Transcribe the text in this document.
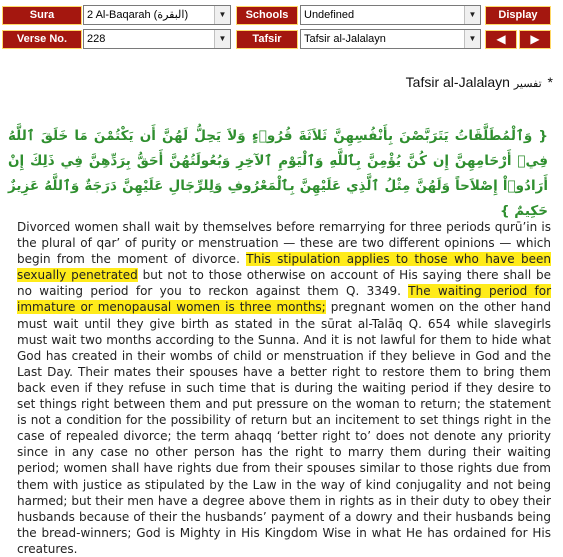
Sura	2 Al-Baqarah (البقرة)	▼	Schools	Undefined	▼	Display
Verse No.	228	▼	Tafsir	Tafsir al-Jalalayn	▼	◀	▶
Tafsir al-Jalalayn تفسير *
{ وَٱلْمُطَلَّقَاتُ يَتَرَبَّصْنَ بِأَنْفُسِهِنَّ ثَلاَثَةَ قُرُوۤءٍ وَلاَ يَحِلُّ لَهُنَّ أَن يَكْتُمْنَ مَا خَلَقَ ٱللَّهُ فِيۤ أَرْحَامِهِنَّ إِن كُنَّ يُؤْمِنَّ بِٱللَّهِ وَٱلْيَوْمِ ٱلآخِرِ وَبُعُولَتُهُنَّ أَحَقُّ بِرَدِّهِنَّ فِي ذَلِكَ إِنْ أَرَادُوۤاْ إِصْلاَحاً وَلَهُنَّ مِثْلُ ٱلَّذِي عَلَيْهِنَّ بِٱلْمَعْرُوفِ وَلِلرِّجَالِ عَلَيْهِنَّ دَرَجَةٌ وَٱللَّهُ عَزِيزٌ حَكِيمٌ }
Divorced women shall wait by themselves before remarrying for three periods qurū’in is the plural of qar’ of purity or menstruation — these are two different opinions — which begin from the moment of divorce. This stipulation applies to those who have been sexually penetrated but not to those otherwise on account of His saying there shall be no waiting period for you to reckon against them Q. 3349. The waiting period for immature or menopausal women is three months; pregnant women on the other hand must wait until they give birth as stated in the sūrat al-Talāq Q. 654 while slavegirls must wait two months according to the Sunna. And it is not lawful for them to hide what God has created in their wombs of child or menstruation if they believe in God and the Last Day. Their mates their spouses have a better right to restore them to bring them back even if they refuse in such time that is during the waiting period if they desire to set things right between them and put pressure on the woman to return; the statement is not a condition for the possibility of return but an incitement to set things right in the case of repealed divorce; the term ahaqq ‘better right to’ does not denote any priority since in any case no other person has the right to marry them during their waiting period; women shall have rights due from their spouses similar to those rights due from them with justice as stipulated by the Law in the way of kind conjugality and not being harmed; but their men have a degree above them in rights as in their duty to obey their husbands because of their the husbands’ payment of a dowry and their husbands being the bread-winners; God is Mighty in His Kingdom Wise in what He has ordained for His creatures.
